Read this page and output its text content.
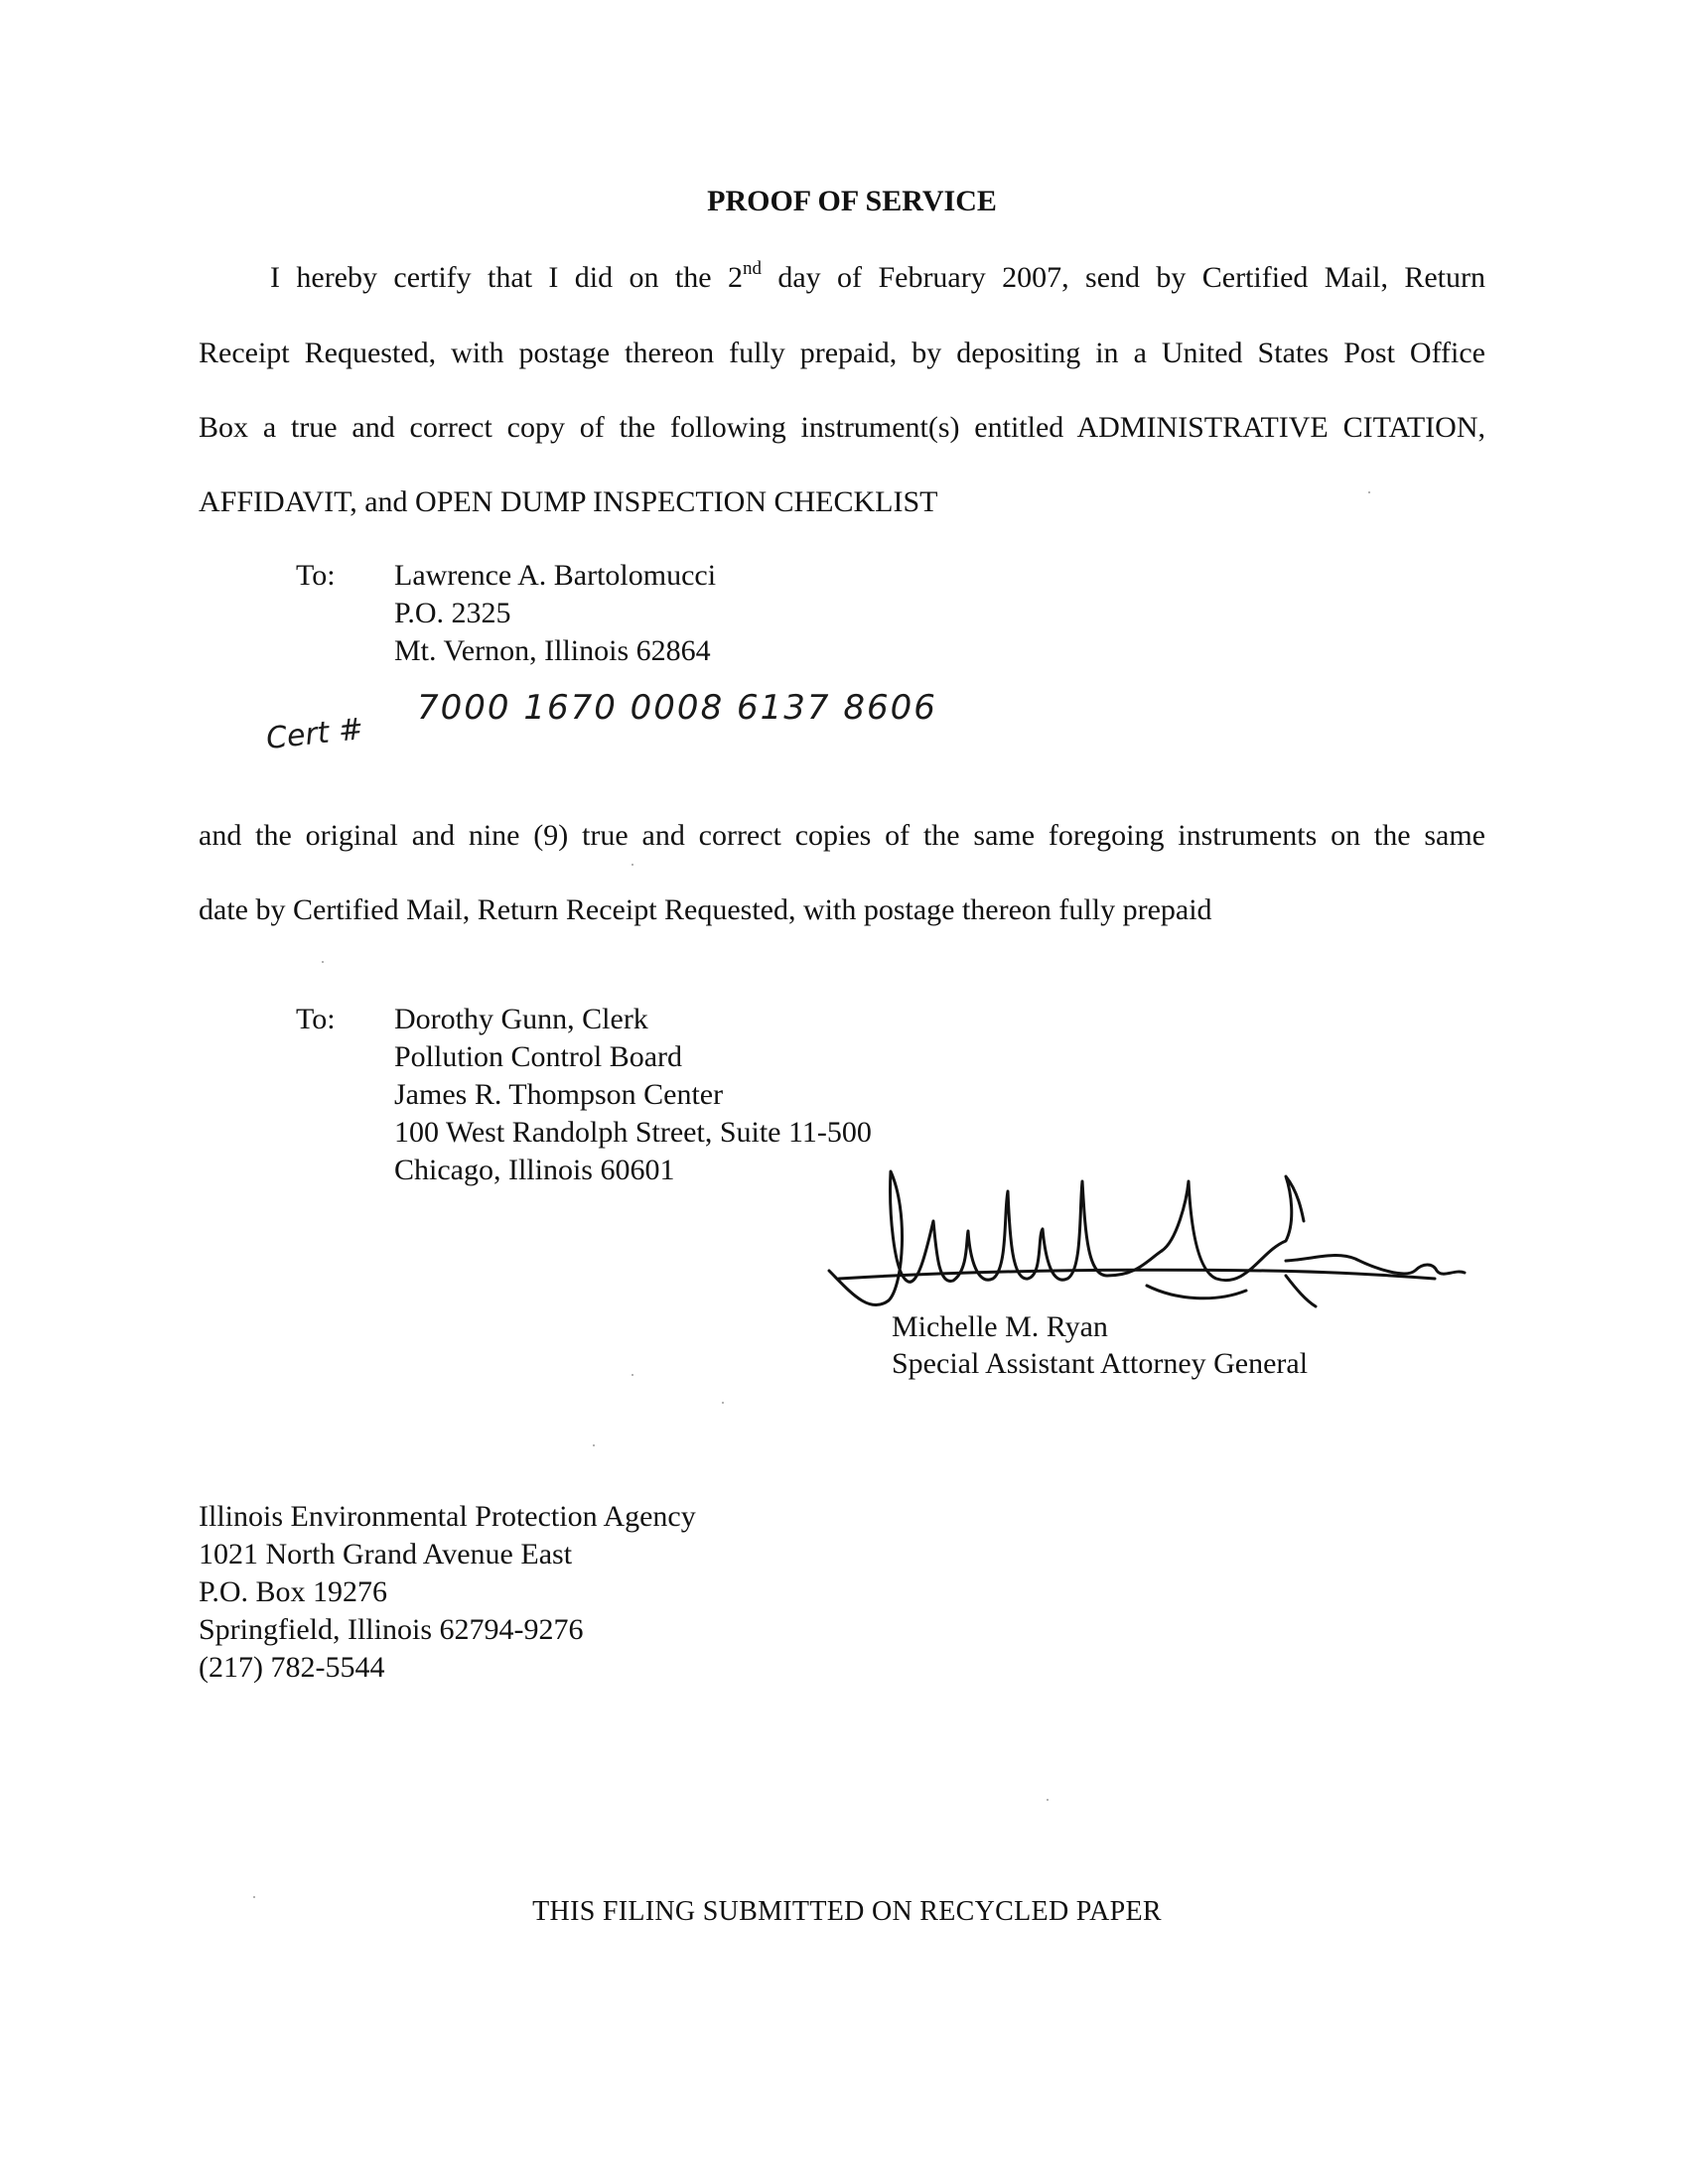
PROOF OF SERVICE
I hereby certify that I did on the 2nd day of February 2007, send by Certified Mail, Return
Receipt Requested, with postage thereon fully prepaid, by depositing in a United States Post Office
Box a true and correct copy of the following instrument(s) entitled ADMINISTRATIVE CITATION,
AFFIDAVIT, and OPEN DUMP INSPECTION CHECKLIST
To: Lawrence A. Bartolomucci
P.O. 2325
Mt. Vernon, Illinois 62864
Cert #
7000 1670 0008 6137 8606
and the original and nine (9) true and correct copies of the same foregoing instruments on the same
date by Certified Mail, Return Receipt Requested, with postage thereon fully prepaid
To: Dorothy Gunn, Clerk
Pollution Control Board
James R. Thompson Center
100 West Randolph Street, Suite 11-500
Chicago, Illinois 60601
Michelle M. Ryan
Special Assistant Attorney General
Illinois Environmental Protection Agency
1021 North Grand Avenue East
P.O. Box 19276
Springfield, Illinois 62794-9276
(217) 782-5544
THIS FILING SUBMITTED ON RECYCLED PAPER
